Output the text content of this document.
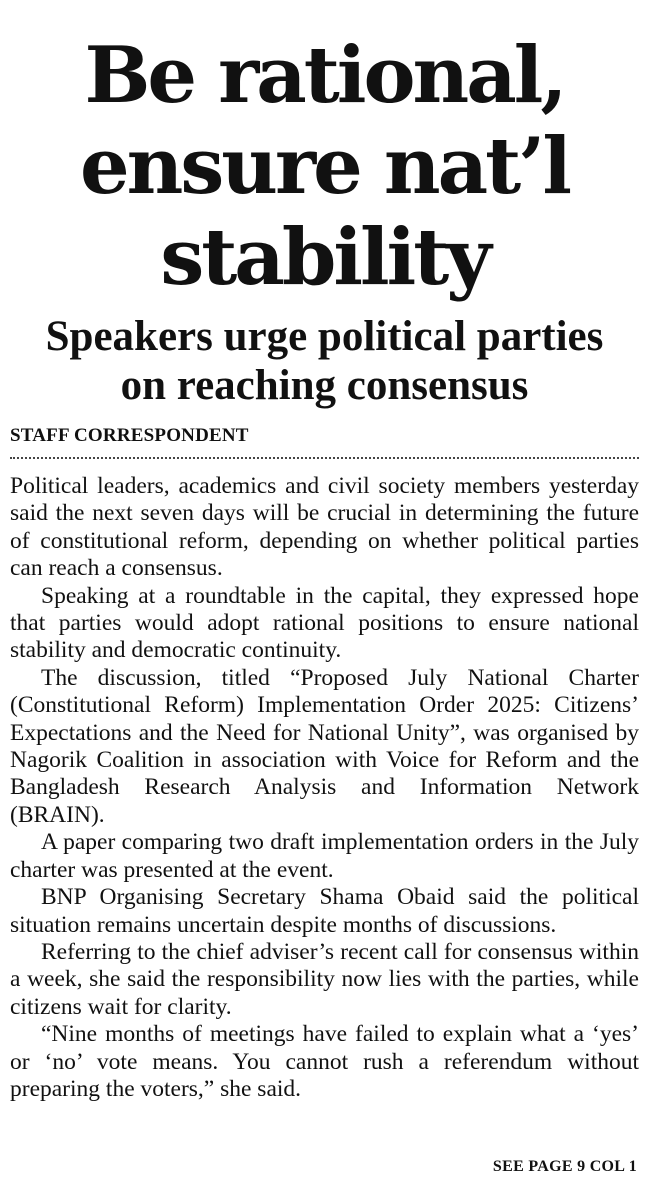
Be rational,
ensure nat’l
stability
Speakers urge political parties
on reaching consensus
STAFF CORRESPONDENT

Political leaders, academics and civil society members yesterday said the next seven days will be crucial in determining the future of constitutional reform, depending on whether political parties can reach a consensus.

Speaking at a roundtable in the capital, they expressed hope that parties would adopt rational positions to ensure national stability and democratic continuity.

The discussion, titled “Proposed July National Charter (Constitutional Reform) Implementation Order 2025: Citizens’ Expectations and the Need for National Unity”, was organised by Nagorik Coalition in association with Voice for Reform and the Bangladesh Research Analysis and Information Network (BRAIN).

A paper comparing two draft implementation orders in the July charter was presented at the event.

BNP Organising Secretary Shama Obaid said the political situation remains uncertain despite months of discussions.

Referring to the chief adviser’s recent call for consensus within a week, she said the responsibility now lies with the parties, while citizens wait for clarity.

“Nine months of meetings have failed to explain what a ‘yes’ or ‘no’ vote means. You cannot rush a referendum without preparing the voters,” she said.

SEE PAGE 9 COL 1
